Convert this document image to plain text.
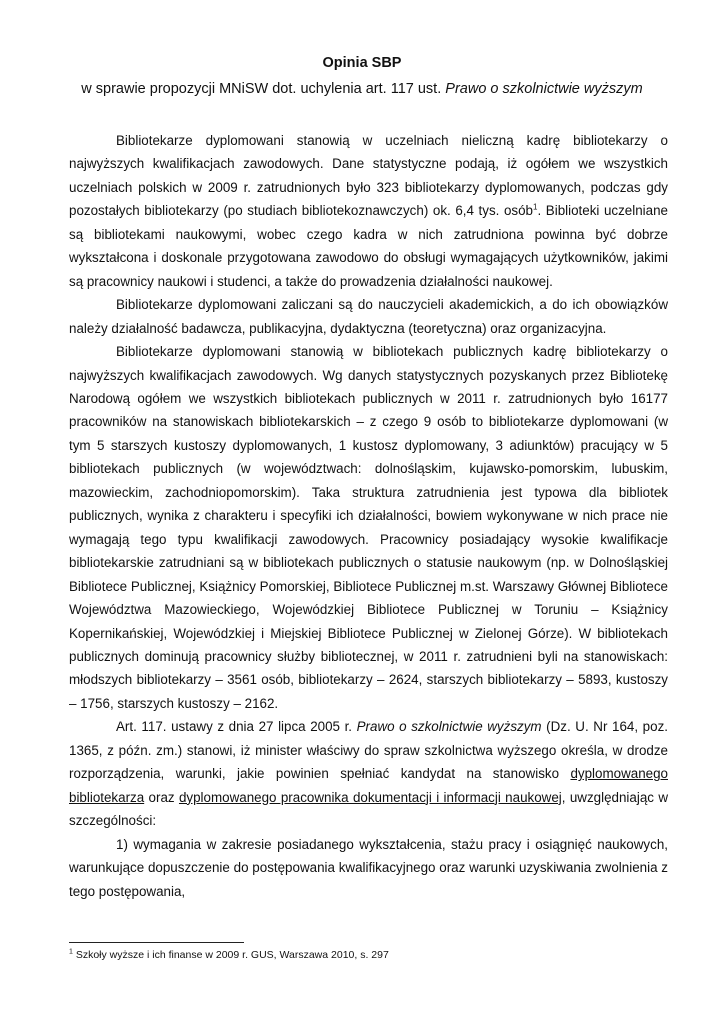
Opinia SBP
w sprawie propozycji MNiSW dot. uchylenia art. 117 ust. Prawo o szkolnictwie wyższym

Bibliotekarze dyplomowani stanowią w uczelniach nieliczną kadrę bibliotekarzy o najwyższych kwalifikacjach zawodowych. Dane statystyczne podają, iż ogółem we wszystkich uczelniach polskich w 2009 r. zatrudnionych było 323 bibliotekarzy dyplomowanych, podczas gdy pozostałych bibliotekarzy (po studiach bibliotekoznawczych) ok. 6,4 tys. osób$^1$. Biblioteki uczelniane są bibliotekami naukowymi, wobec czego kadra w nich zatrudniona powinna być dobrze wykształcona i doskonale przygotowana zawodowo do obsługi wymagających użytkowników, jakimi są pracownicy naukowi i studenci, a także do prowadzenia działalności naukowej.

Bibliotekarze dyplomowani zaliczani są do nauczycieli akademickich, a do ich obowiązków należy działalność badawcza, publikacyjna, dydaktyczna (teoretyczna) oraz organizacyjna.

Bibliotekarze dyplomowani stanowią w bibliotekach publicznych kadrę bibliotekarzy o najwyższych kwalifikacjach zawodowych. Wg danych statystycznych pozyskanych przez Bibliotekę Narodową ogółem we wszystkich bibliotekach publicznych w 2011 r. zatrudnionych było 16177 pracowników na stanowiskach bibliotekarskich – z czego 9 osób to bibliotekarze dyplomowani (w tym 5 starszych kustoszy dyplomowanych, 1 kustosz dyplomowany, 3 adiunktów) pracujący w 5 bibliotekach publicznych (w województwach: dolnośląskim, kujawsko-pomorskim, lubuskim, mazowieckim, zachodniopomorskim). Taka struktura zatrudnienia jest typowa dla bibliotek publicznych, wynika z charakteru i specyfiki ich działalności, bowiem wykonywane w nich prace nie wymagają tego typu kwalifikacji zawodowych. Pracownicy posiadający wysokie kwalifikacje bibliotekarskie zatrudniani są w bibliotekach publicznych o statusie naukowym (np. w Dolnośląskiej Bibliotece Publicznej, Książnicy Pomorskiej, Bibliotece Publicznej m.st. Warszawy Głównej Bibliotece Województwa Mazowieckiego, Wojewódzkiej Bibliotece Publicznej w Toruniu – Książnicy Kopernikańskiej, Wojewódzkiej i Miejskiej Bibliotece Publicznej w Zielonej Górze). W bibliotekach publicznych dominują pracownicy służby bibliotecznej, w 2011 r. zatrudnieni byli na stanowiskach: młodszych bibliotekarzy – 3561 osób, bibliotekarzy – 2624, starszych bibliotekarzy – 5893, kustoszy – 1756, starszych kustoszy – 2162.

Art. 117. ustawy z dnia 27 lipca 2005 r. Prawo o szkolnictwie wyższym (Dz. U. Nr 164, poz. 1365, z późn. zm.) stanowi, iż minister właściwy do spraw szkolnictwa wyższego określa, w drodze rozporządzenia, warunki, jakie powinien spełniać kandydat na stanowisko dyplomowanego bibliotekarza oraz dyplomowanego pracownika dokumentacji i informacji naukowej, uwzględniając w szczególności:

1) wymagania w zakresie posiadanego wykształcenia, stażu pracy i osiągnięć naukowych, warunkujące dopuszczenie do postępowania kwalifikacyjnego oraz warunki uzyskiwania zwolnienia z tego postępowania,

$^1$ Szkoły wyższe i ich finanse w 2009 r. GUS, Warszawa 2010, s. 297
